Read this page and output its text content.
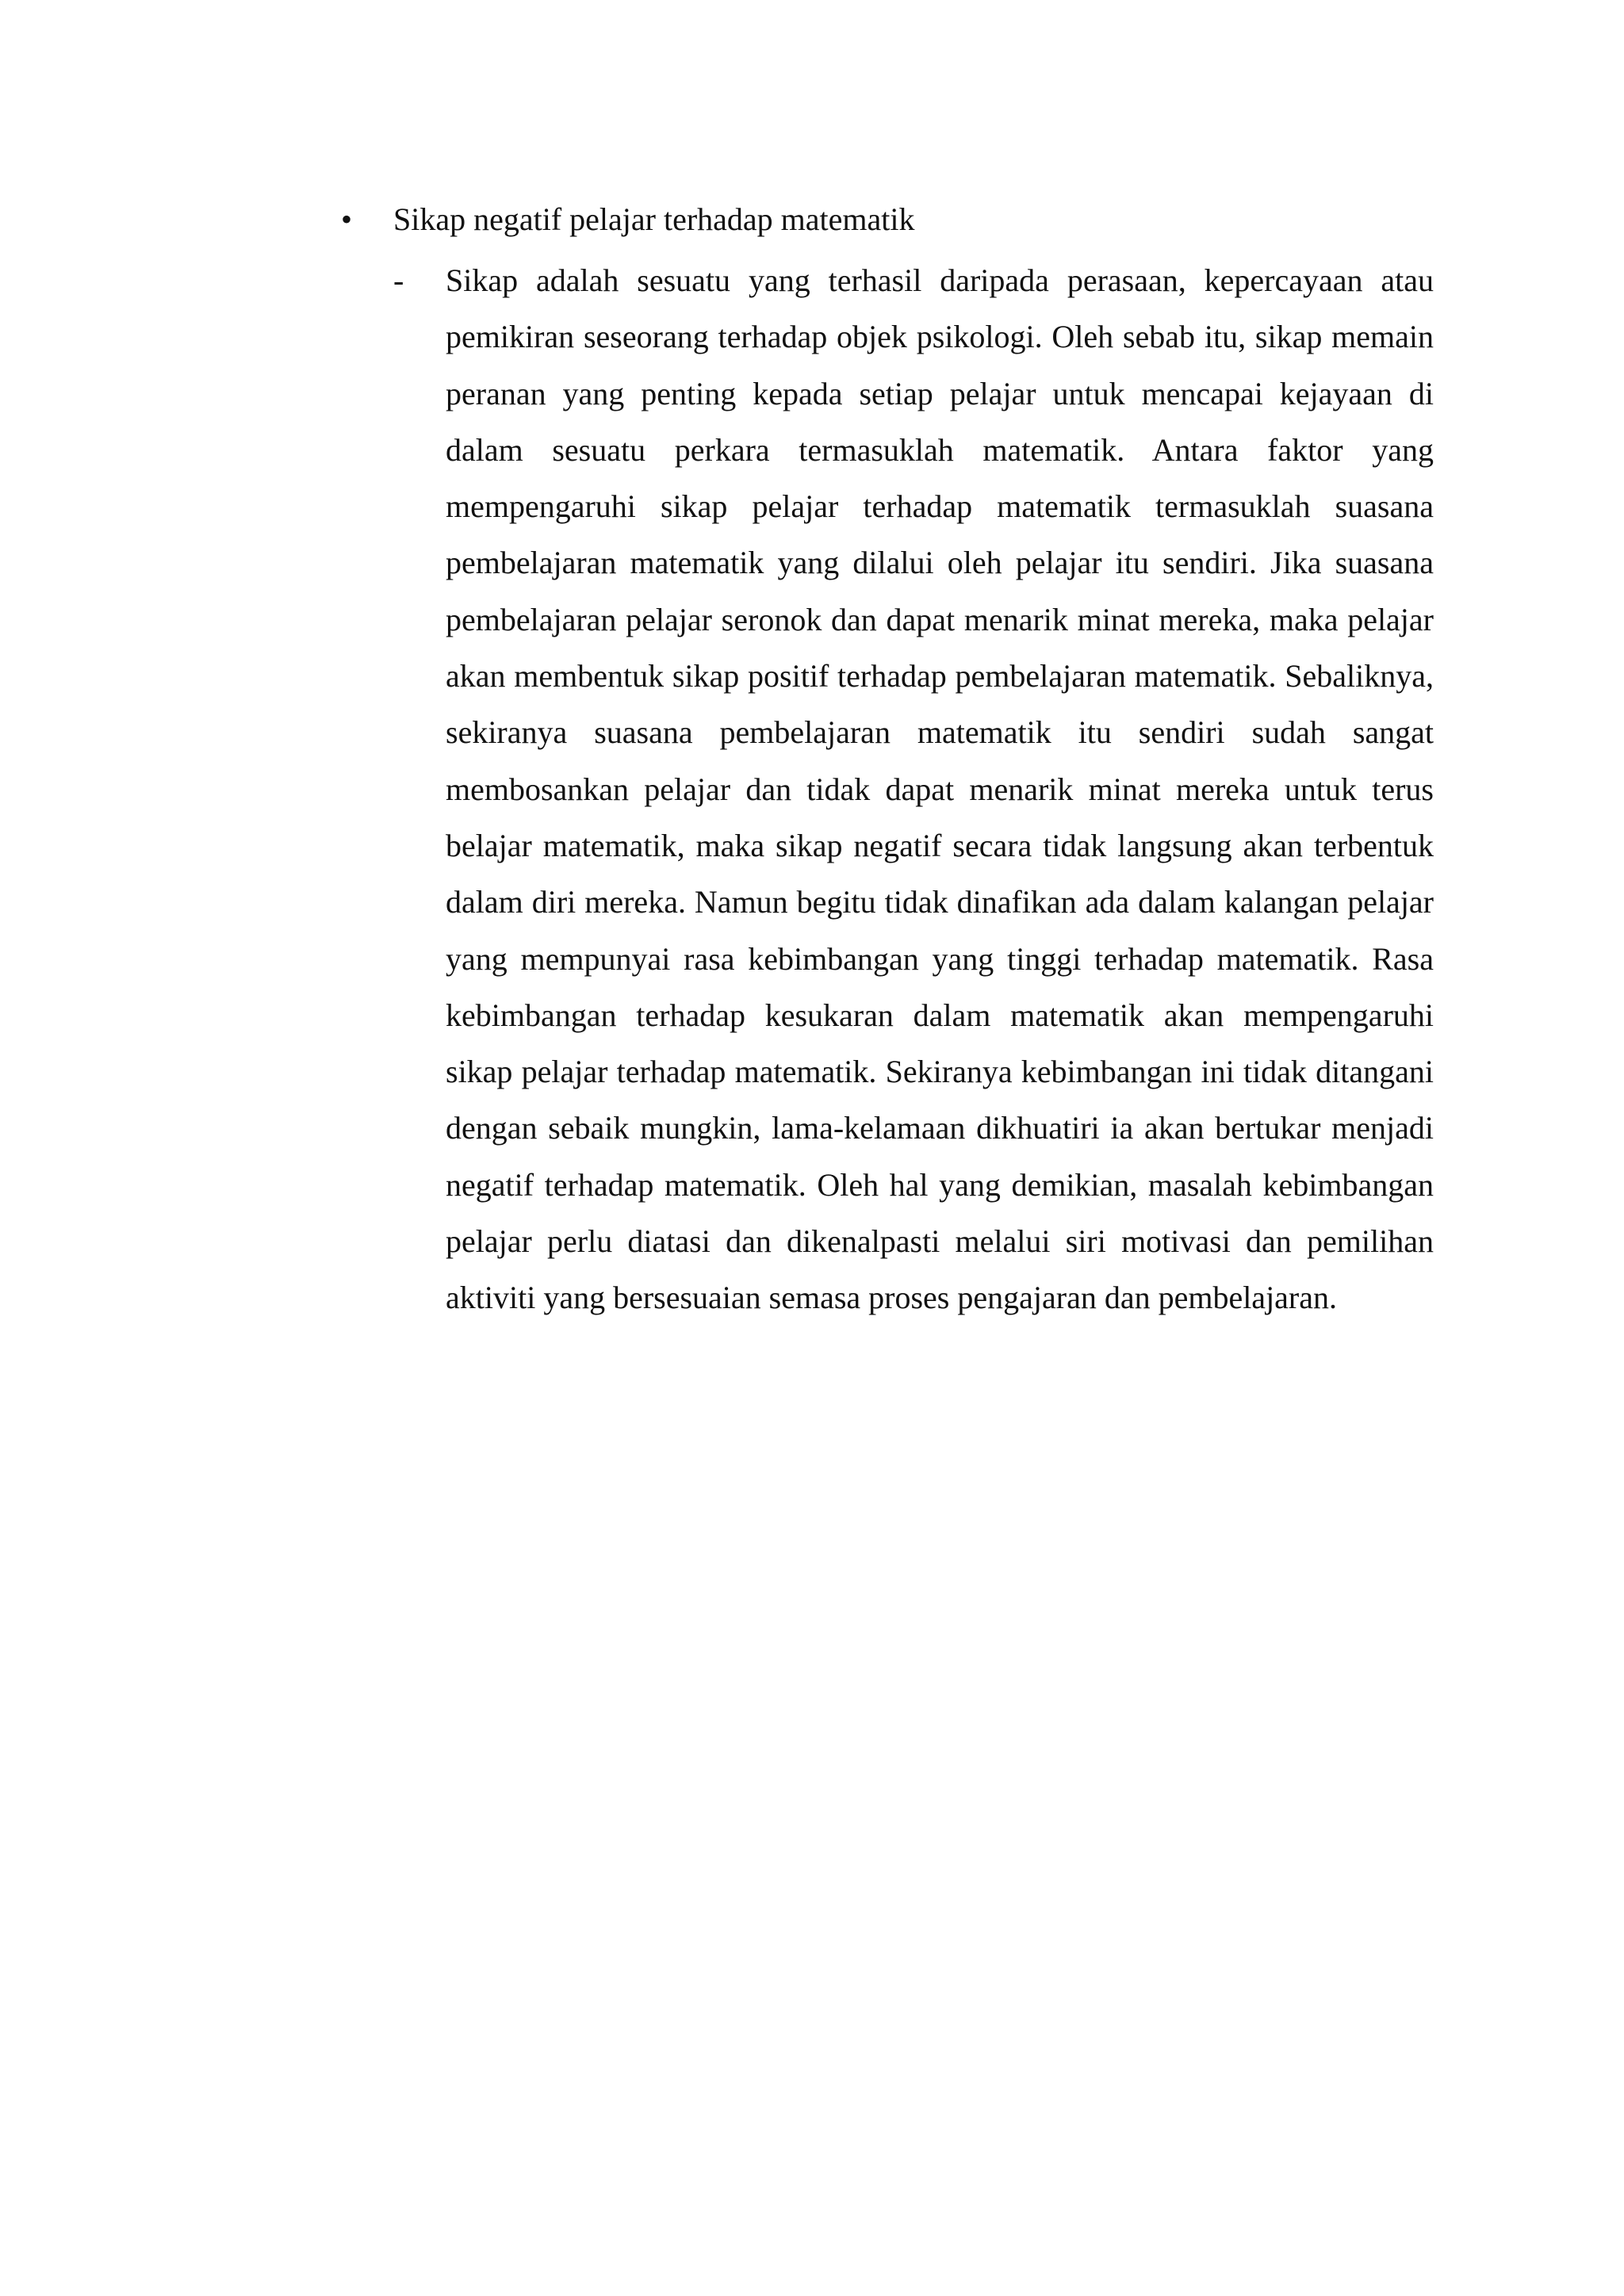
•	Sikap negatif pelajar terhadap matematik
-	Sikap adalah sesuatu yang terhasil daripada perasaan, kepercayaan atau pemikiran seseorang terhadap objek psikologi. Oleh sebab itu, sikap memain peranan yang penting kepada setiap pelajar untuk mencapai kejayaan di dalam sesuatu perkara termasuklah matematik. Antara faktor yang mempengaruhi sikap pelajar terhadap matematik termasuklah suasana pembelajaran matematik yang dilalui oleh pelajar itu sendiri. Jika suasana pembelajaran pelajar seronok dan dapat menarik minat mereka, maka pelajar akan membentuk sikap positif terhadap pembelajaran matematik. Sebaliknya, sekiranya suasana pembelajaran matematik itu sendiri sudah sangat membosankan pelajar dan tidak dapat menarik minat mereka untuk terus belajar matematik, maka sikap negatif secara tidak langsung akan terbentuk dalam diri mereka. Namun begitu tidak dinafikan ada dalam kalangan pelajar yang mempunyai rasa kebimbangan yang tinggi terhadap matematik. Rasa kebimbangan terhadap kesukaran dalam matematik akan mempengaruhi sikap pelajar terhadap matematik. Sekiranya kebimbangan ini tidak ditangani dengan sebaik mungkin, lama-kelamaan dikhuatiri ia akan bertukar menjadi negatif terhadap matematik. Oleh hal yang demikian, masalah kebimbangan pelajar perlu diatasi dan dikenalpasti melalui siri motivasi dan pemilihan aktiviti yang bersesuaian semasa proses pengajaran dan pembelajaran.
